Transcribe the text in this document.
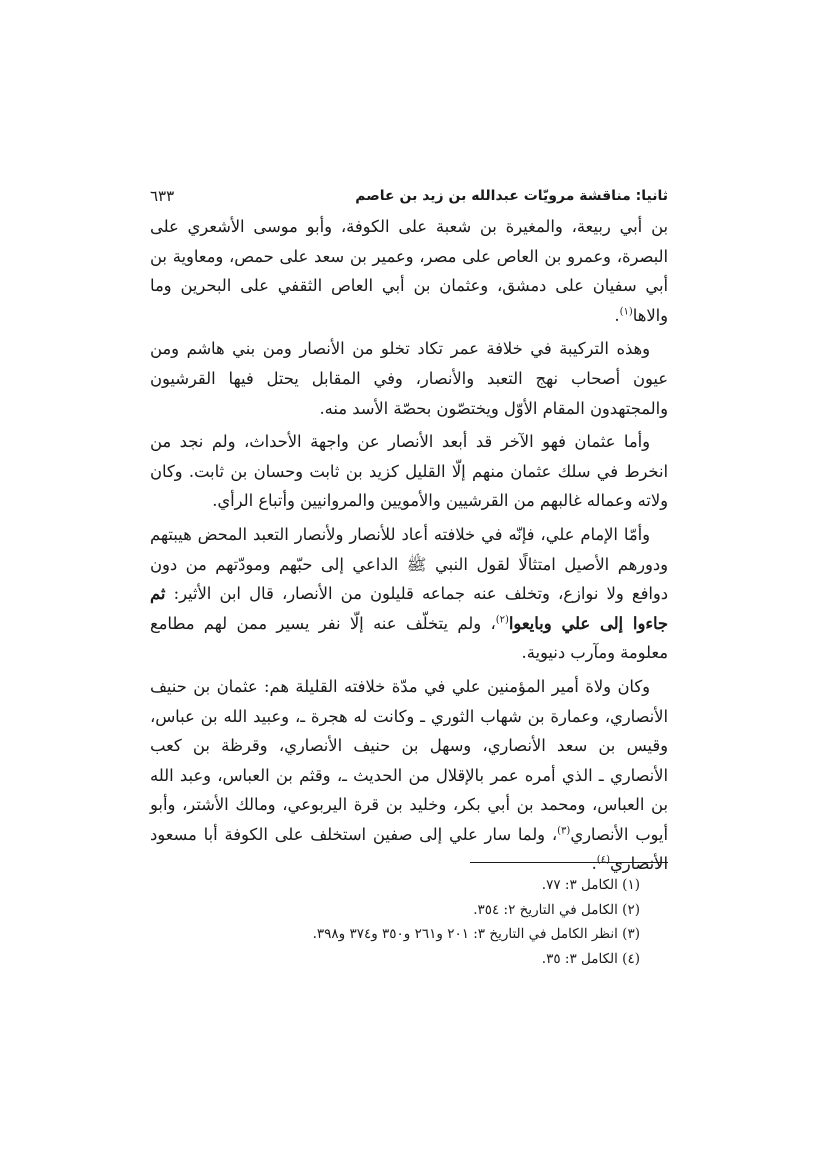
ثانيا: مناقشة مرويّات عبدالله بن زيد بن عاصم
٦٣٣

بن أبي ربيعة، والمغيرة بن شعبة على الكوفة، وأبو موسى الأشعري على البصرة، وعمرو بن العاص على مصر، وعمير بن سعد على حمص، ومعاوية بن أبي سفيان على دمشق، وعثمان بن أبي العاص الثقفي على البحرين وما والاها$^{(١)}$.

وهذه التركيبة في خلافة عمر تكاد تخلو من الأنصار ومن بني هاشم ومن عيون أصحاب نهج التعبد والأنصار، وفي المقابل يحتل فيها القرشيون والمجتهدون المقام الأوّل ويختصّون بحصّة الأسد منه.

وأما عثمان فهو الآخر قد أبعد الأنصار عن واجهة الأحداث، ولم نجد من انخرط في سلك عثمان منهم إلّا القليل كزيد بن ثابت وحسان بن ثابت. وكان ولاته وعماله غالبهم من القرشيين والأمويين والمروانيين وأتباع الرأي.

وأمّا الإمام علي، فإنّه في خلافته أعاد للأنصار ولأنصار التعبد المحض هيبتهم ودورهم الأصيل امتثالًا لقول النبي ﷺ الداعي إلى حبّهم ومودّتهم من دون دوافع ولا نوازع، وتخلف عنه جماعه قليلون من الأنصار، قال ابن الأثير: ثم جاءوا إلى علي وبايعوا$^{(٢)}$، ولم يتخلّف عنه إلّا نفر يسير ممن لهم مطامع معلومة ومآرب دنيوية.

وكان ولاة أمير المؤمنين علي في مدّة خلافته القليلة هم: عثمان بن حنيف الأنصاري، وعمارة بن شهاب الثوري ـ وكانت له هجرة ـ، وعبيد الله بن عباس، وقيس بن سعد الأنصاري، وسهل بن حنيف الأنصاري، وقرظة بن كعب الأنصاري ـ الذي أمره عمر بالإقلال من الحديث ـ، وقثم بن العباس، وعبد الله بن العباس، ومحمد بن أبي بكر، وخليد بن قرة اليربوعي، ومالك الأشتر، وأبو أيوب الأنصاري$^{(٣)}$، ولما سار علي إلى صفين استخلف على الكوفة أبا مسعود الأنصاري$^{(٤)}$.

(١) الكامل ٣: ٧٧.

(٢) الكامل في التاريخ ٢: ٣٥٤.

(٣) انظر الكامل في التاريخ ٣: ٢٠١ و٢٦١ و٣٥٠ و٣٧٤ و٣٩٨.

(٤) الكامل ٣: ٣٥.
